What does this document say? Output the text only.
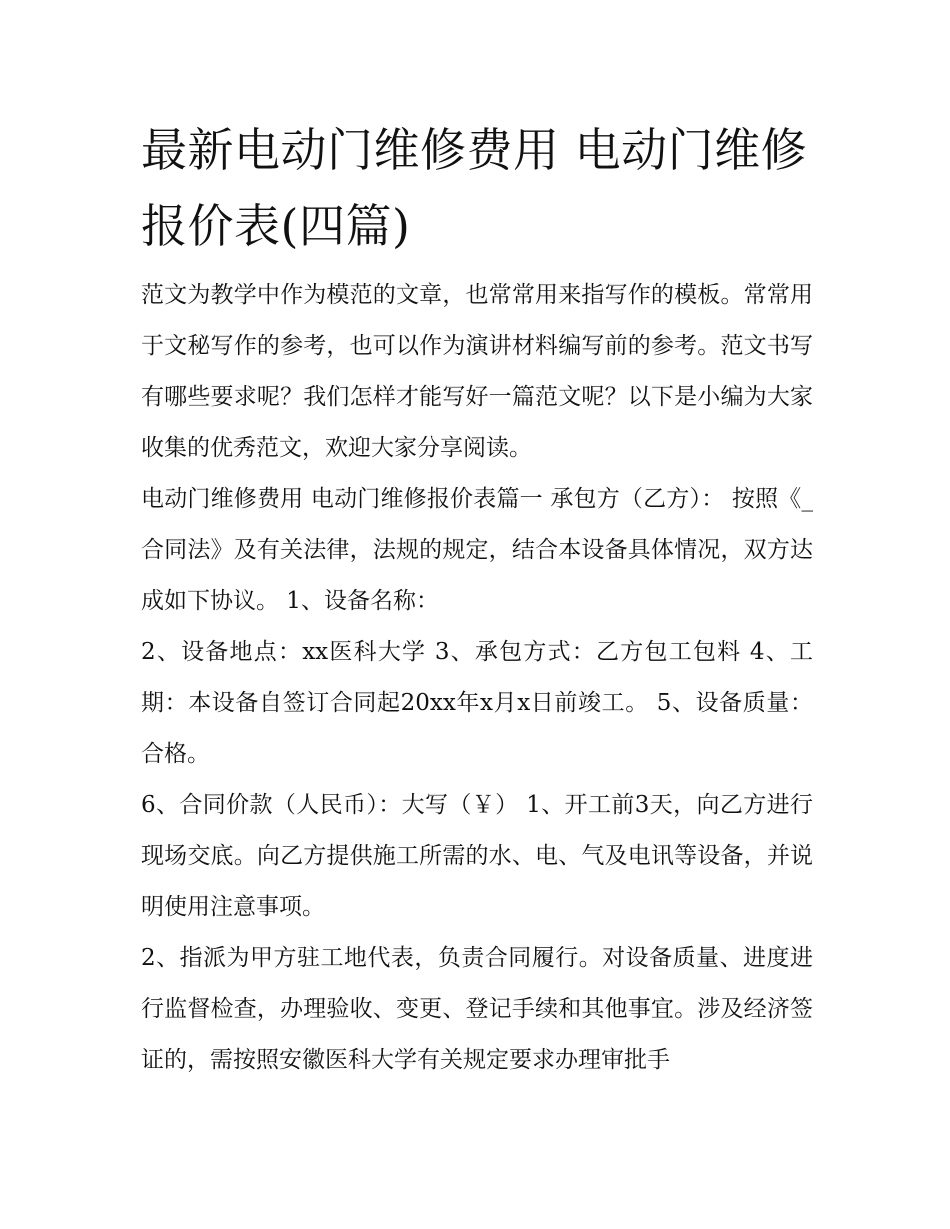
最新电动门维修费用 电动门维修报价表(四篇)

范文为教学中作为模范的文章，也常常用来指写作的模板。常常用于文秘写作的参考，也可以作为演讲材料编写前的参考。范文书写有哪些要求呢？我们怎样才能写好一篇范文呢？以下是小编为大家收集的优秀范文，欢迎大家分享阅读。

电动门维修费用 电动门维修报价表篇一 承包方（乙方）： 按照《_合同法》及有关法律，法规的规定，结合本设备具体情况，双方达成如下协议。 1、设备名称：

2、设备地点：xx医科大学 3、承包方式：乙方包工包料 4、工期：本设备自签订合同起20xx年x月x日前竣工。 5、设备质量：合格。

6、合同价款（人民币）：大写（￥） 1、开工前3天，向乙方进行现场交底。向乙方提供施工所需的水、电、气及电讯等设备，并说明使用注意事项。

2、指派为甲方驻工地代表，负责合同履行。对设备质量、进度进行监督检查，办理验收、变更、登记手续和其他事宜。涉及经济签证的，需按照安徽医科大学有关规定要求办理审批手
